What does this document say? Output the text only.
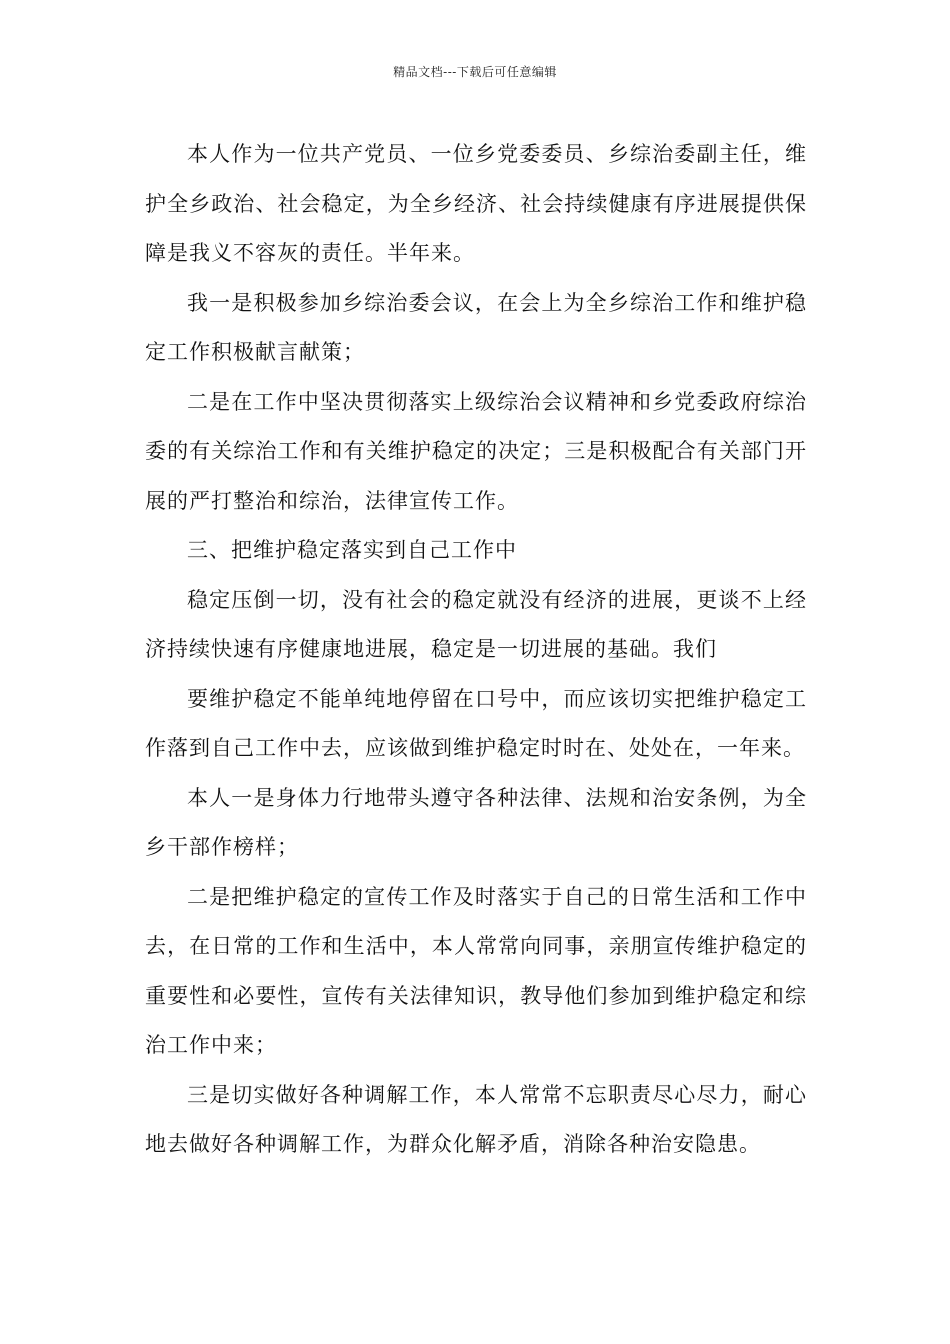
精品文档---下载后可任意编辑

本人作为一位共产党员、一位乡党委委员、乡综治委副主任，维护全乡政治、社会稳定，为全乡经济、社会持续健康有序进展提供保障是我义不容灰的责任。半年来。

我一是积极参加乡综治委会议，在会上为全乡综治工作和维护稳定工作积极献言献策；

二是在工作中坚决贯彻落实上级综治会议精神和乡党委政府综治委的有关综治工作和有关维护稳定的决定；三是积极配合有关部门开展的严打整治和综治，法律宣传工作。

三、把维护稳定落实到自己工作中

稳定压倒一切，没有社会的稳定就没有经济的进展，更谈不上经济持续快速有序健康地进展，稳定是一切进展的基础。我们

要维护稳定不能单纯地停留在口号中，而应该切实把维护稳定工作落到自己工作中去，应该做到维护稳定时时在、处处在，一年来。

本人一是身体力行地带头遵守各种法律、法规和治安条例，为全乡干部作榜样；

二是把维护稳定的宣传工作及时落实于自己的日常生活和工作中去，在日常的工作和生活中，本人常常向同事，亲朋宣传维护稳定的重要性和必要性，宣传有关法律知识，教导他们参加到维护稳定和综治工作中来；

三是切实做好各种调解工作，本人常常不忘职责尽心尽力，耐心地去做好各种调解工作，为群众化解矛盾，消除各种治安隐患。
